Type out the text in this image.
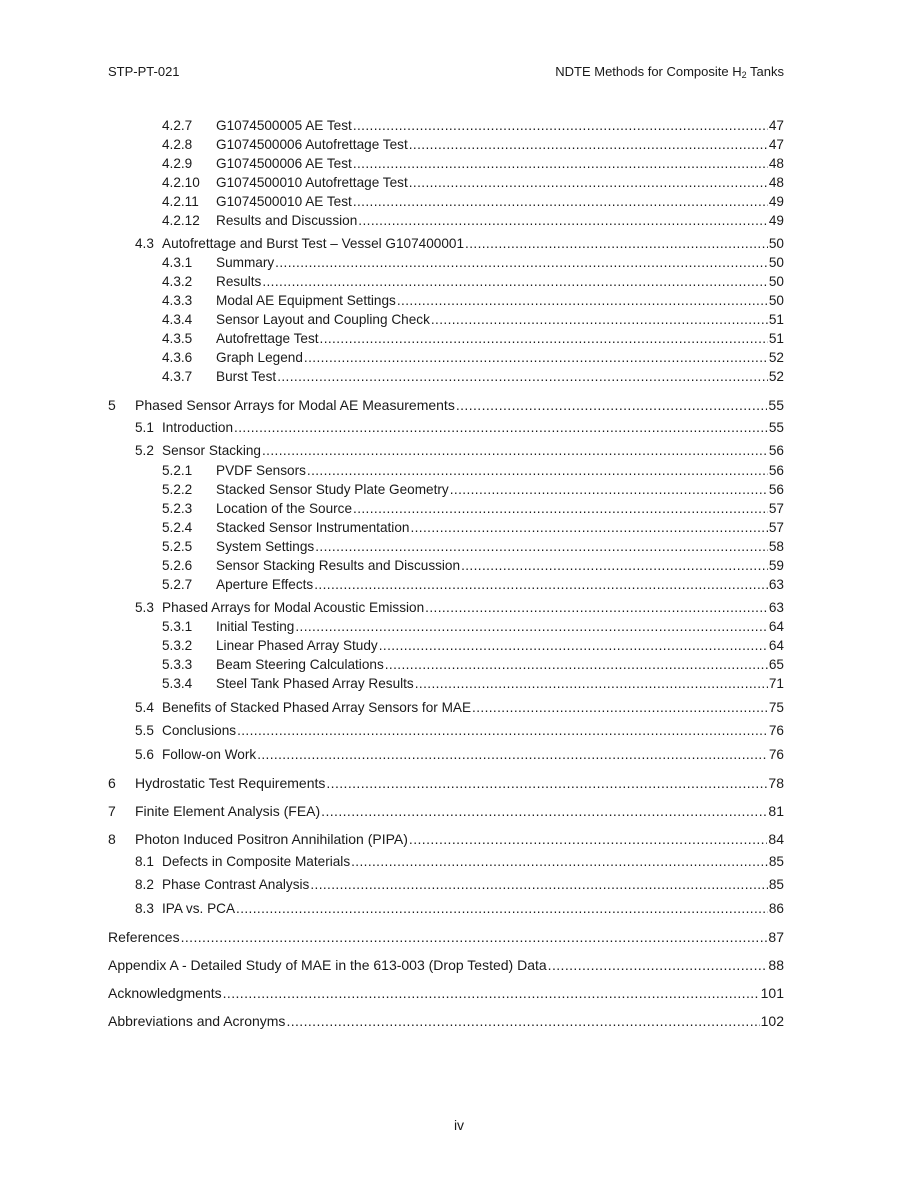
STP-PT-021	NDTE Methods for Composite $H_2$ Tanks
4.2.7	G1074500005 AE Test .....	47
4.2.8	G1074500006 Autofrettage Test .....	47
4.2.9	G1074500006 AE Test .....	48
4.2.10	G1074500010 Autofrettage Test .....	48
4.2.11	G1074500010 AE Test .....	49
4.2.12	Results and Discussion .....	49
4.3 Autofrettage and Burst Test – Vessel G107400001 .....	50
4.3.1	Summary .....	50
4.3.2	Results .....	50
4.3.3	Modal AE Equipment Settings .....	50
4.3.4	Sensor Layout and Coupling Check .....	51
4.3.5	Autofrettage Test .....	51
4.3.6	Graph Legend .....	52
4.3.7	Burst Test .....	52
5	Phased Sensor Arrays for Modal AE Measurements .....	55
5.1 Introduction .....	55
5.2 Sensor Stacking .....	56
5.2.1	PVDF Sensors .....	56
5.2.2	Stacked Sensor Study Plate Geometry .....	56
5.2.3	Location of the Source .....	57
5.2.4	Stacked Sensor Instrumentation .....	57
5.2.5	System Settings .....	58
5.2.6	Sensor Stacking Results and Discussion .....	59
5.2.7	Aperture Effects .....	63
5.3 Phased Arrays for Modal Acoustic Emission .....	63
5.3.1	Initial Testing .....	64
5.3.2	Linear Phased Array Study .....	64
5.3.3	Beam Steering Calculations .....	65
5.3.4	Steel Tank Phased Array Results .....	71
5.4 Benefits of Stacked Phased Array Sensors for MAE .....	75
5.5 Conclusions .....	76
5.6 Follow-on Work .....	76
6	Hydrostatic Test Requirements .....	78
7	Finite Element Analysis (FEA) .....	81
8	Photon Induced Positron Annihilation (PIPA) .....	84
8.1 Defects in Composite Materials .....	85
8.2 Phase Contrast Analysis .....	85
8.3 IPA vs. PCA .....	86
References .....	87
Appendix A - Detailed Study of MAE in the 613-003 (Drop Tested) Data .....	88
Acknowledgments .....	101
Abbreviations and Acronyms .....	102
iv
